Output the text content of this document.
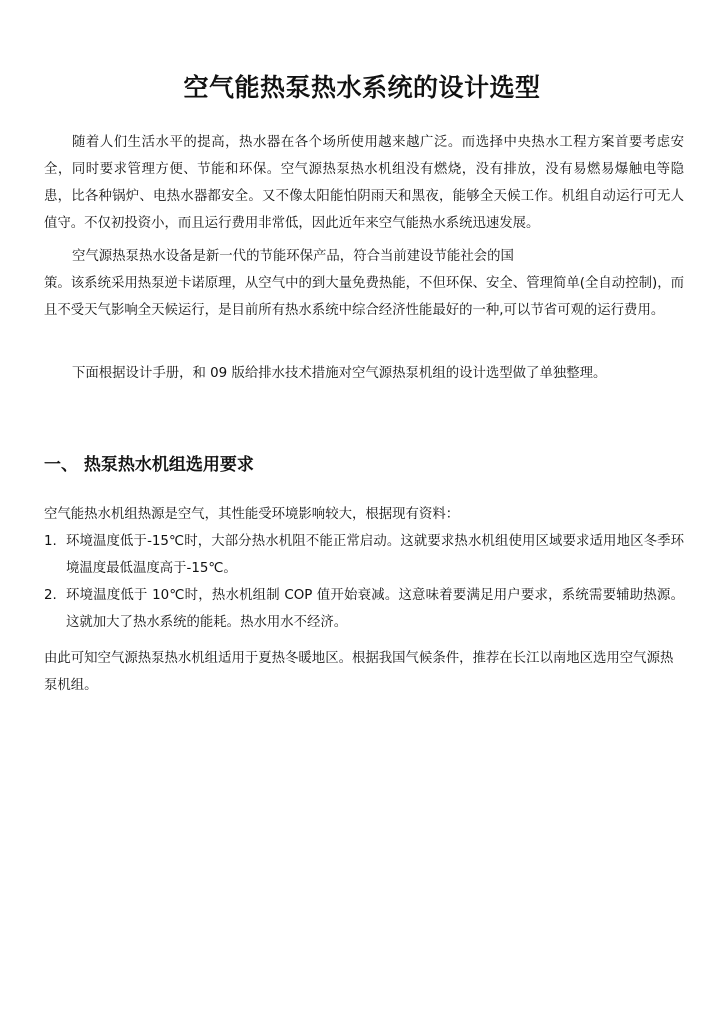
空气能热泵热水系统的设计选型

随着人们生活水平的提高，热水器在各个场所使用越来越广泛。而选择中央热水工程方案首要考虑安全，同时要求管理方便、节能和环保。空气源热泵热水机组没有燃烧，没有排放，没有易燃易爆触电等隐患，比各种锅炉、电热水器都安全。又不像太阳能怕阴雨天和黑夜，能够全天候工作。机组自动运行可无人值守。不仅初投资小，而且运行费用非常低，因此近年来空气能热水系统迅速发展。

空气源热泵热水设备是新一代的节能环保产品，符合当前建设节能社会的国
策。该系统采用热泵逆卡诺原理，从空气中的到大量免费热能，不但环保、安全、管理简单(全自动控制)，而且不受天气影响全天候运行，是目前所有热水系统中综合经济性能最好的一种,可以节省可观的运行费用。

下面根据设计手册，和 09 版给排水技术措施对空气源热泵机组的设计选型做了单独整理。

一、 热泵热水机组选用要求

空气能热水机组热源是空气，其性能受环境影响较大，根据现有资料：

1. 环境温度低于-15℃时，大部分热水机阻不能正常启动。这就要求热水机组使用区域要求适用地区冬季环境温度最低温度高于-15℃。
2. 环境温度低于 10℃时，热水机组制 COP 值开始衰减。这意味着要满足用户要求，系统需要辅助热源。这就加大了热水系统的能耗。热水用水不经济。

由此可知空气源热泵热水机组适用于夏热冬暖地区。根据我国气候条件，推荐在长江以南地区选用空气源热泵机组。
